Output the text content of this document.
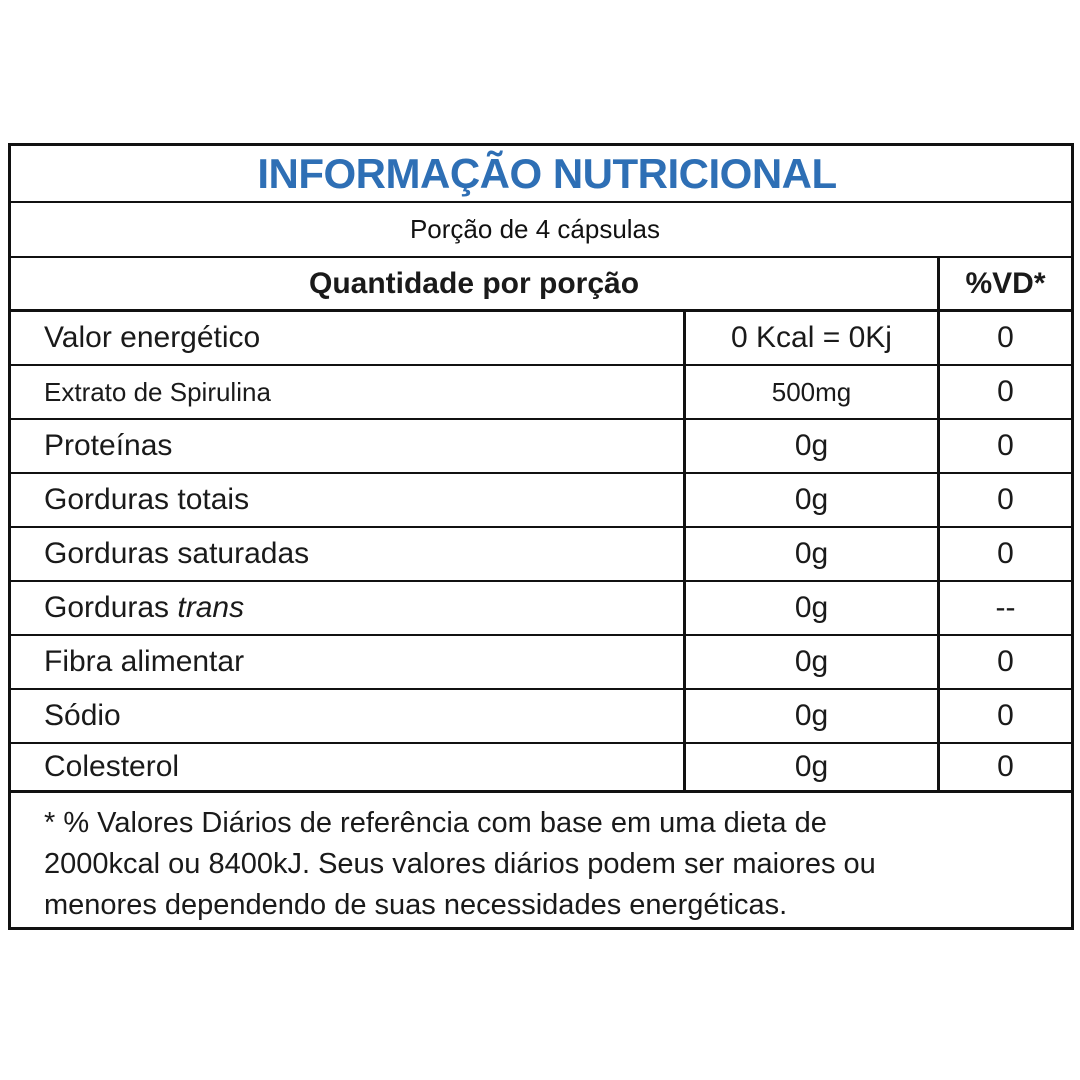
INFORMAÇÃO NUTRICIONAL
Porção de 4 cápsulas
Quantidade por porção	%VD*
Valor energético	0 Kcal = 0Kj	0
Extrato de Spirulina	500mg	0
Proteínas	0g	0
Gorduras totais	0g	0
Gorduras saturadas	0g	0
Gorduras trans	0g	--
Fibra alimentar	0g	0
Sódio	0g	0
Colesterol	0g	0
* % Valores Diários de referência com base em uma dieta de
2000kcal ou 8400kJ. Seus valores diários podem ser maiores ou
menores dependendo de suas necessidades energéticas.
